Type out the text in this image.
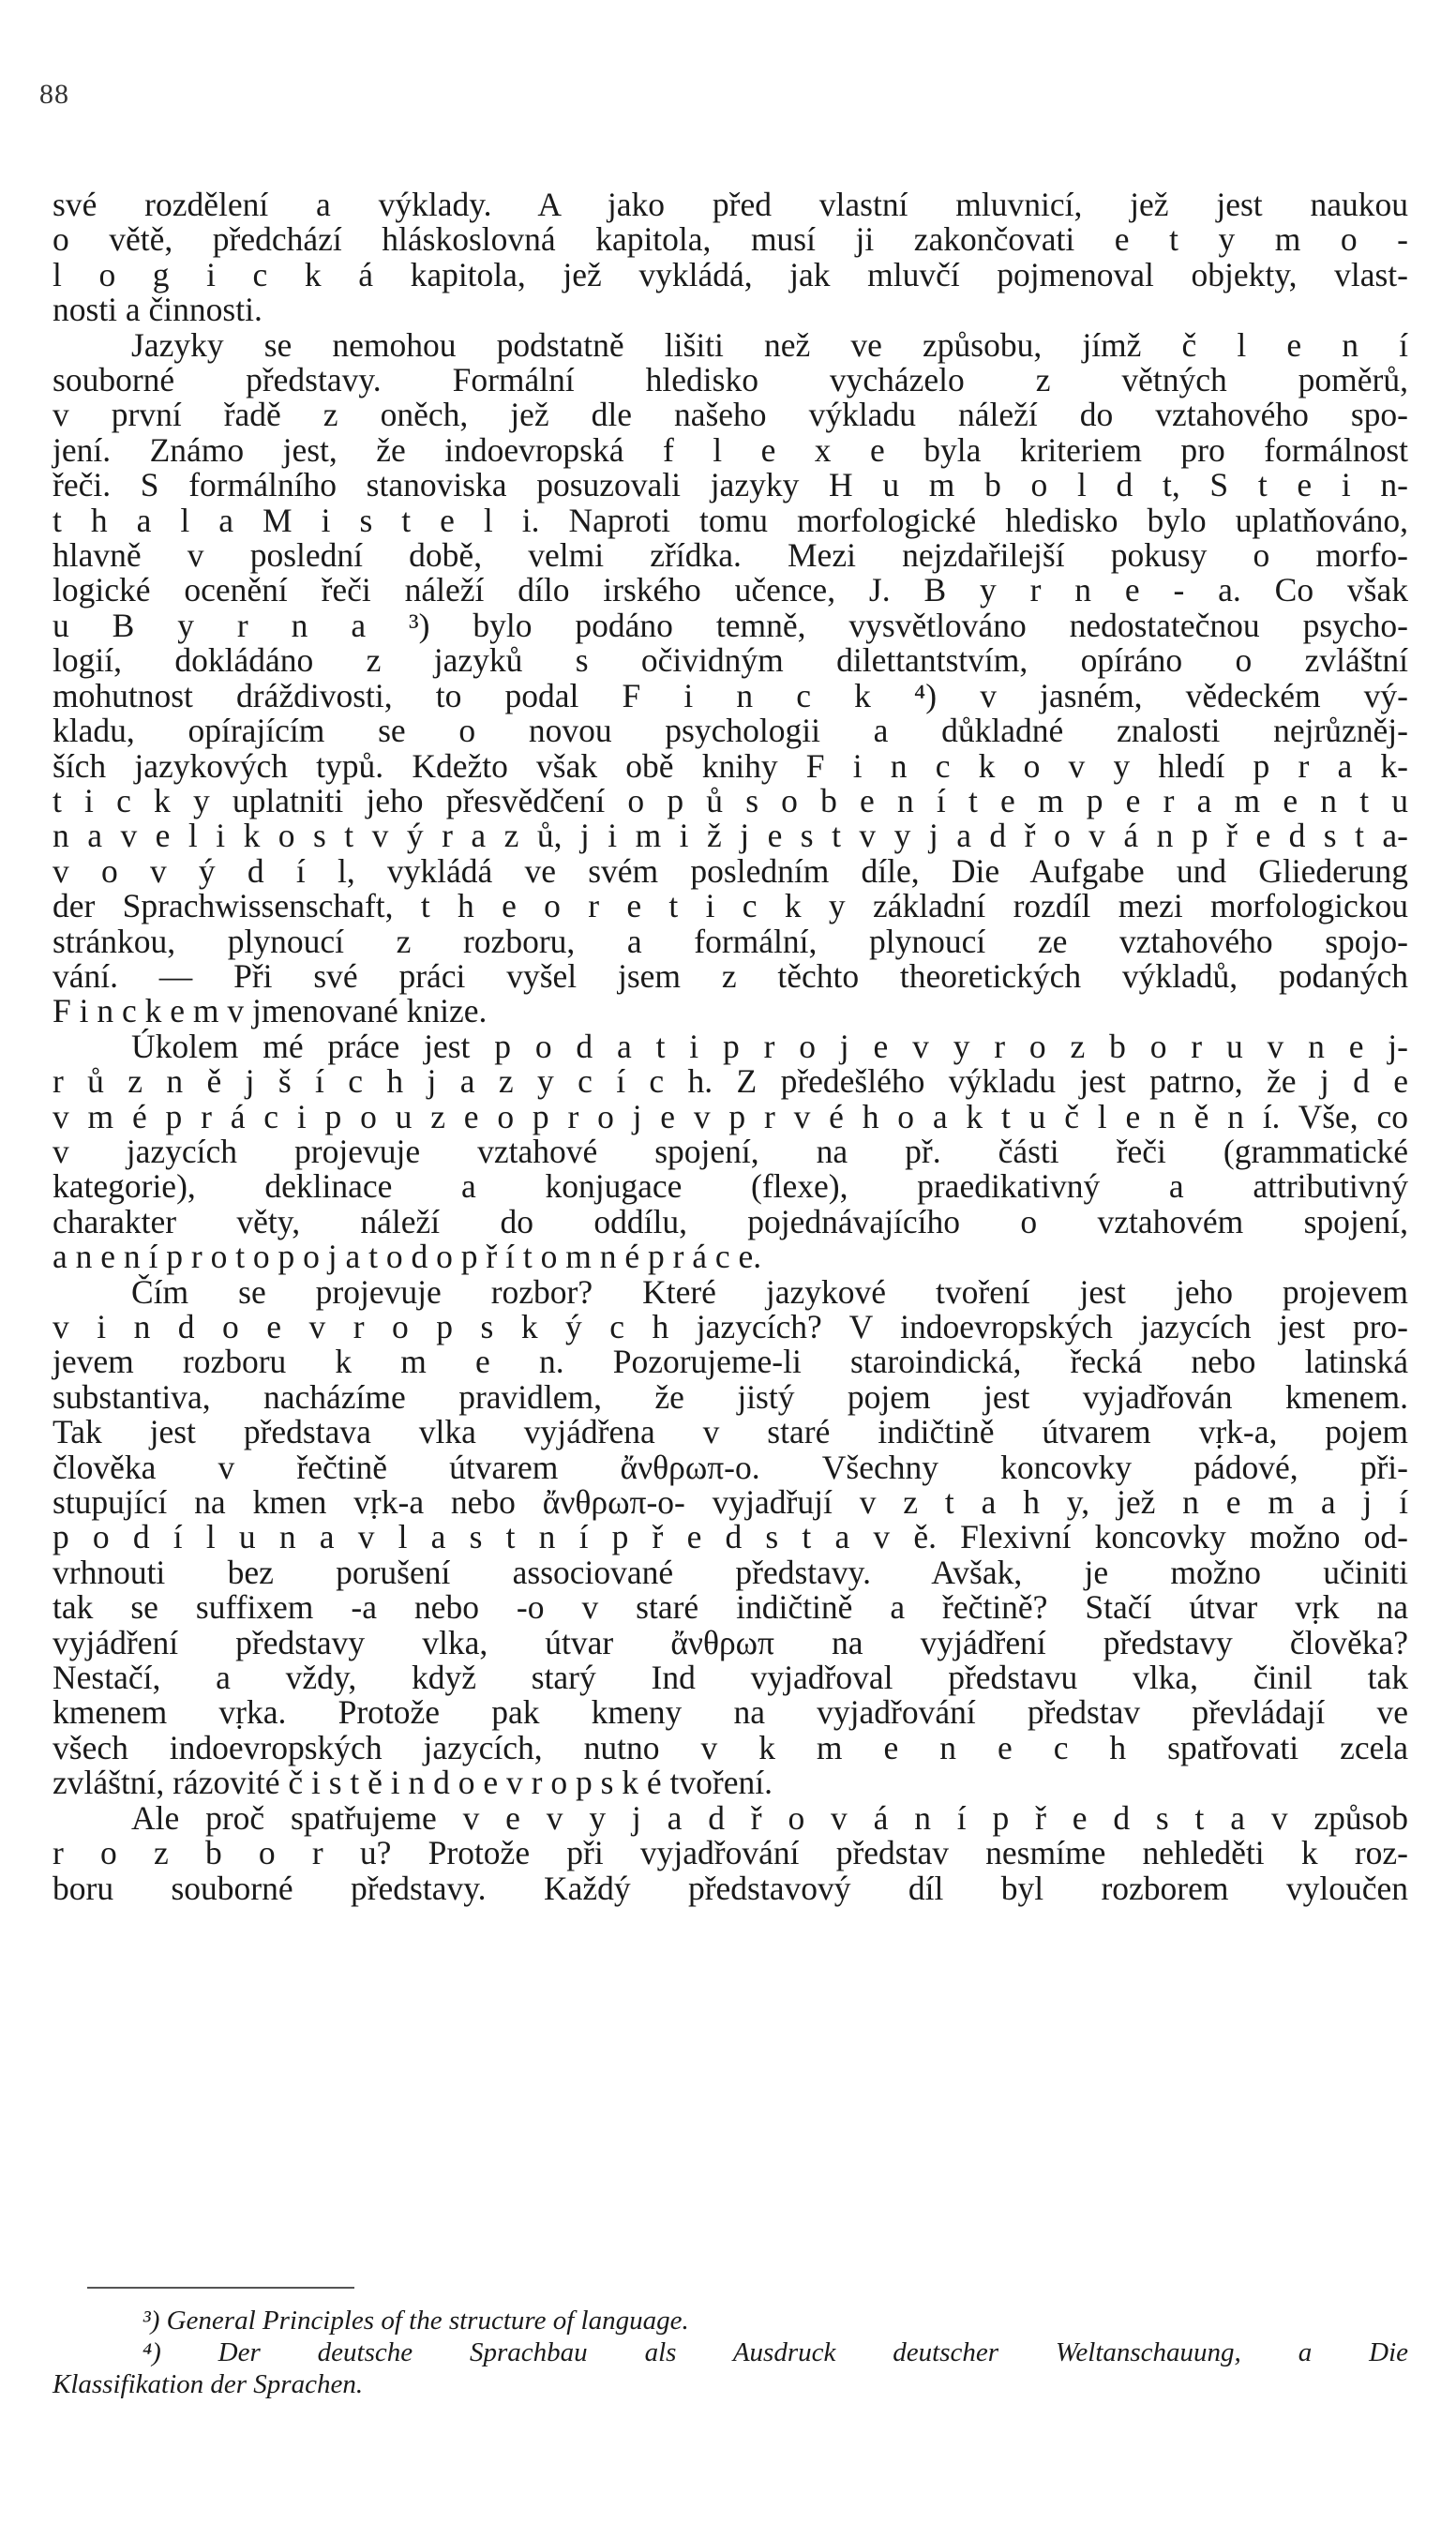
88
své rozdělení a výklady. A jako před vlastní mluvnicí, jež jest naukou
o větě, předchází hláskoslovná kapitola, musí ji zakončovati e t y m o -
l o g i c k á kapitola, jež vykládá, jak mluvčí pojmenoval objekty, vlast-
nosti a činnosti.
Jazyky se nemohou podstatně lišiti než ve způsobu, jímž č l e n í
souborné představy. Formální hledisko vycházelo z větných poměrů,
v první řadě z oněch, jež dle našeho výkladu náleží do vztahového spo-
jení. Známo jest, že indoevropská f l e x e byla kriteriem pro formálnost
řeči. S formálního stanoviska posuzovali jazyky H u m b o l d t, S t e i n-
t h a l a M i s t e l i. Naproti tomu morfologické hledisko bylo uplatňováno,
hlavně v poslední době, velmi zřídka. Mezi nejzdařilejší pokusy o morfo-
logické ocenění řeči náleží dílo irského učence, J. B y r n e - a. Co však
u B y r n a ³) bylo podáno temně, vysvětlováno nedostatečnou psycho-
logií, dokládáno z jazyků s očividným dilettantstvím, opíráno o zvláštní
mohutnost dráždivosti, to podal F i n c k ⁴) v jasném, vědeckém vý-
kladu, opírajícím se o novou psychologii a důkladné znalosti nejrůzněj-
ších jazykových typů. Kdežto však obě knihy F i n c k o v y hledí p r a k-
t i c k y uplatniti jeho přesvědčení o p ů s o b e n í t e m p e r a m e n t u
n a v e l i k o s t v ý r a z ů, j i m i ž j e s t v y j a d ř o v á n p ř e d s t a-
v o v ý d í l, vykládá ve svém posledním díle, Die Aufgabe und Gliederung
der Sprachwissenschaft, t h e o r e t i c k y základní rozdíl mezi morfologickou
stránkou, plynoucí z rozboru, a formální, plynoucí ze vztahového spojo-
vání. — Při své práci vyšel jsem z těchto theoretických výkladů, podaných
F i n c k e m v jmenované knize.
Úkolem mé práce jest p o d a t i p r o j e v y r o z b o r u v n e j-
r ů z n ě j š í c h j a z y c í c h. Z předešlého výkladu jest patrno, že j d e
v m é p r á c i p o u z e o p r o j e v p r v é h o a k t u č l e n ě n í. Vše, co
v jazycích projevuje vztahové spojení, na př. části řeči (grammatické
kategorie), deklinace a konjugace (flexe), praedikativný a attributivný
charakter věty, náleží do oddílu, pojednávajícího o vztahovém spojení,
a n e n í p r o t o p o j a t o d o p ř í t o m n é p r á c e.
Čím se projevuje rozbor? Které jazykové tvoření jest jeho projevem
v i n d o e v r o p s k ý c h jazycích? V indoevropských jazycích jest pro-
jevem rozboru k m e n. Pozorujeme-li staroindická, řecká nebo latinská
substantiva, nacházíme pravidlem, že jistý pojem jest vyjadřován kmenem.
Tak jest představa vlka vyjádřena v staré indičtině útvarem vṛk-a, pojem
člověka v řečtině útvarem ἄνθρωπ-ο. Všechny koncovky pádové, při-
stupující na kmen vṛk-a nebo ἄνθρωπ-ο- vyjadřují v z t a h y, jež n e m a j í
p o d í l u n a v l a s t n í p ř e d s t a v ě. Flexivní koncovky možno od-
vrhnouti bez porušení associované představy. Avšak, je možno učiniti
tak se suffixem -a nebo -o v staré indičtině a řečtině? Stačí útvar vṛk na
vyjádření představy vlka, útvar ἄνθρωπ na vyjádření představy člověka?
Nestačí, a vždy, když starý Ind vyjadřoval představu vlka, činil tak
kmenem vṛka. Protože pak kmeny na vyjadřování představ převládají ve
všech indoevropských jazycích, nutno v k m e n e c h spatřovati zcela
zvláštní, rázovité č i s t ě i n d o e v r o p s k é tvoření.
Ale proč spatřujeme v e v y j a d ř o v á n í p ř e d s t a v způsob
r o z b o r u? Protože při vyjadřování představ nesmíme nehleděti k roz-
boru souborné představy. Každý představový díl byl rozborem vyloučen
³) General Principles of the structure of language.
⁴) Der deutsche Sprachbau als Ausdruck deutscher Weltanschauung, a Die
Klassifikation der Sprachen.
